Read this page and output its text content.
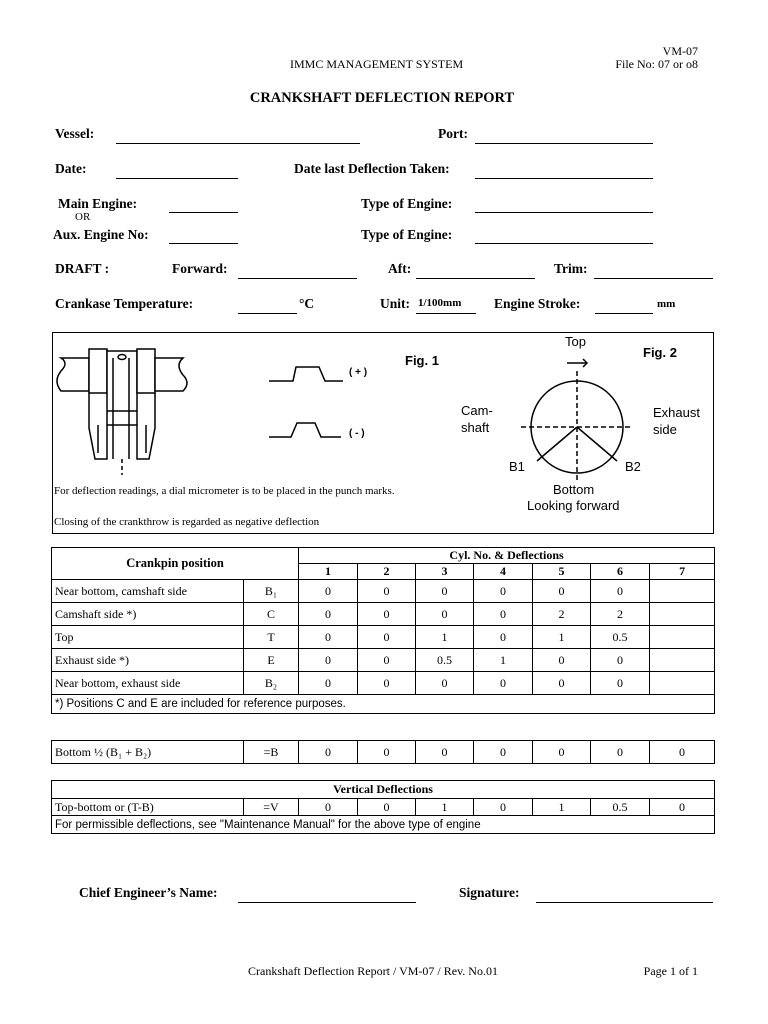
VM-07
IMMC MANAGEMENT SYSTEM	File No: 07 or o8
CRANKSHAFT DEFLECTION REPORT
Vessel:	Port:
Date:	Date last Deflection Taken:
Main Engine:
OR
Type of Engine:
Aux. Engine No:	Type of Engine:
DRAFT :	Forward:	Aft:	Trim:
Crankase Temperature:	°C	Unit: 1/100mm Engine Stroke:	mm
Fig. 1
( + )
( - )
Fig. 2
Top
Cam-
shaft
Exhaust
side
B1	B2
Bottom
Looking forward
For deflection readings, a dial micrometer is to be placed in the punch marks.
Closing of the crankthrow is regarded as negative deflection
Crankpin position		Cyl. No. & Deflections						
		1	2	3	4	5	6	7
Near bottom, camshaft side	B₁	0	0	0	0	0	0	
Camshaft side *)	C	0	0	0	0	2	2	
Top	T	0	0	1	0	1	0.5	
Exhaust side *)	E	0	0	0.5	1	0	0	
Near bottom, exhaust side	B₂	0	0	0	0	0	0	
*) Positions C and E are included for reference purposes.								
Bottom ½ (B₁ + B₂)	=B	0	0	0	0	0	0	0
Vertical Deflections
Top-bottom or (T-B)	=V	0	0	1	0	1	0.5	0
For permissible deflections, see "Maintenance Manual" for the above type of engine
Chief Engineer’s Name:	Signature:
Crankshaft Deflection Report / VM-07 / Rev. No.01	Page 1 of 1
